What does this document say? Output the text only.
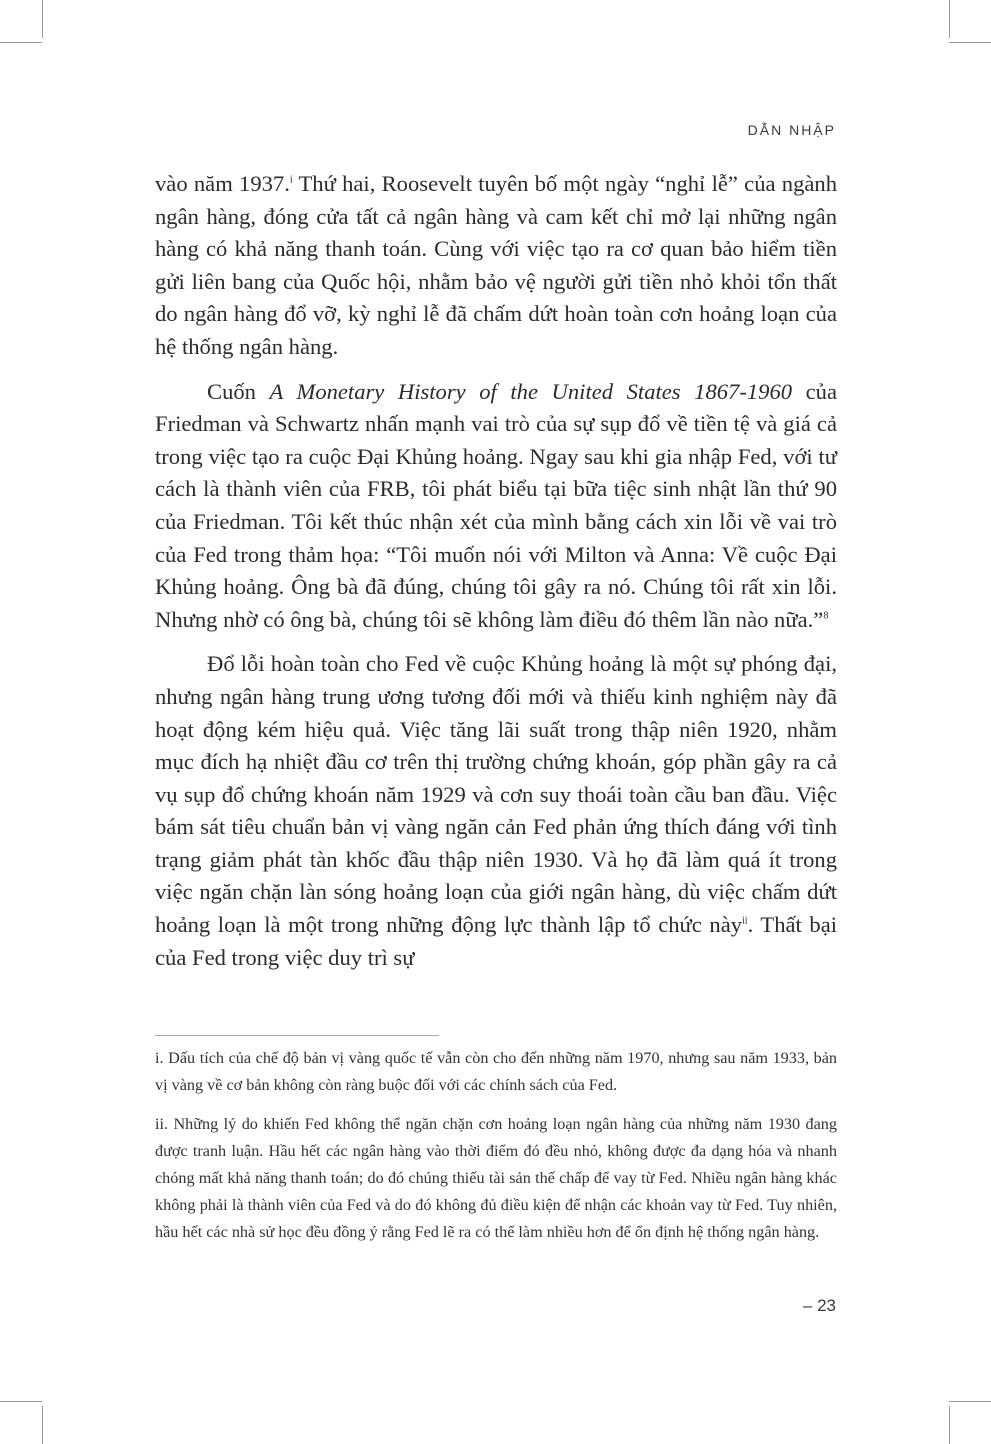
DẪN NHẬP

vào năm 1937.$^i$ Thứ hai, Roosevelt tuyên bố một ngày “nghỉ lễ” của ngành ngân hàng, đóng cửa tất cả ngân hàng và cam kết chỉ mở lại những ngân hàng có khả năng thanh toán. Cùng với việc tạo ra cơ quan bảo hiểm tiền gửi liên bang của Quốc hội, nhằm bảo vệ người gửi tiền nhỏ khỏi tổn thất do ngân hàng đổ vỡ, kỳ nghỉ lễ đã chấm dứt hoàn toàn cơn hoảng loạn của hệ thống ngân hàng.

Cuốn A Monetary History of the United States 1867-1960 của Friedman và Schwartz nhấn mạnh vai trò của sự sụp đổ về tiền tệ và giá cả trong việc tạo ra cuộc Đại Khủng hoảng. Ngay sau khi gia nhập Fed, với tư cách là thành viên của FRB, tôi phát biểu tại bữa tiệc sinh nhật lần thứ 90 của Friedman. Tôi kết thúc nhận xét của mình bằng cách xin lỗi về vai trò của Fed trong thảm họa: “Tôi muốn nói với Milton và Anna: Về cuộc Đại Khủng hoảng. Ông bà đã đúng, chúng tôi gây ra nó. Chúng tôi rất xin lỗi. Nhưng nhờ có ông bà, chúng tôi sẽ không làm điều đó thêm lần nào nữa.”$^8$

Đổ lỗi hoàn toàn cho Fed về cuộc Khủng hoảng là một sự phóng đại, nhưng ngân hàng trung ương tương đối mới và thiếu kinh nghiệm này đã hoạt động kém hiệu quả. Việc tăng lãi suất trong thập niên 1920, nhằm mục đích hạ nhiệt đầu cơ trên thị trường chứng khoán, góp phần gây ra cả vụ sụp đổ chứng khoán năm 1929 và cơn suy thoái toàn cầu ban đầu. Việc bám sát tiêu chuẩn bản vị vàng ngăn cản Fed phản ứng thích đáng với tình trạng giảm phát tàn khốc đầu thập niên 1930. Và họ đã làm quá ít trong việc ngăn chặn làn sóng hoảng loạn của giới ngân hàng, dù việc chấm dứt hoảng loạn là một trong những động lực thành lập tổ chức này$^{ii}$. Thất bại của Fed trong việc duy trì sự

i. Dấu tích của chế độ bản vị vàng quốc tế vẫn còn cho đến những năm 1970, nhưng sau năm 1933, bản vị vàng về cơ bản không còn ràng buộc đối với các chính sách của Fed.

ii. Những lý do khiến Fed không thể ngăn chặn cơn hoảng loạn ngân hàng của những năm 1930 đang được tranh luận. Hầu hết các ngân hàng vào thời điểm đó đều nhỏ, không được đa dạng hóa và nhanh chóng mất khả năng thanh toán; do đó chúng thiếu tài sản thế chấp để vay từ Fed. Nhiều ngân hàng khác không phải là thành viên của Fed và do đó không đủ điều kiện để nhận các khoản vay từ Fed. Tuy nhiên, hầu hết các nhà sử học đều đồng ý rằng Fed lẽ ra có thể làm nhiều hơn để ổn định hệ thống ngân hàng.

– 23
